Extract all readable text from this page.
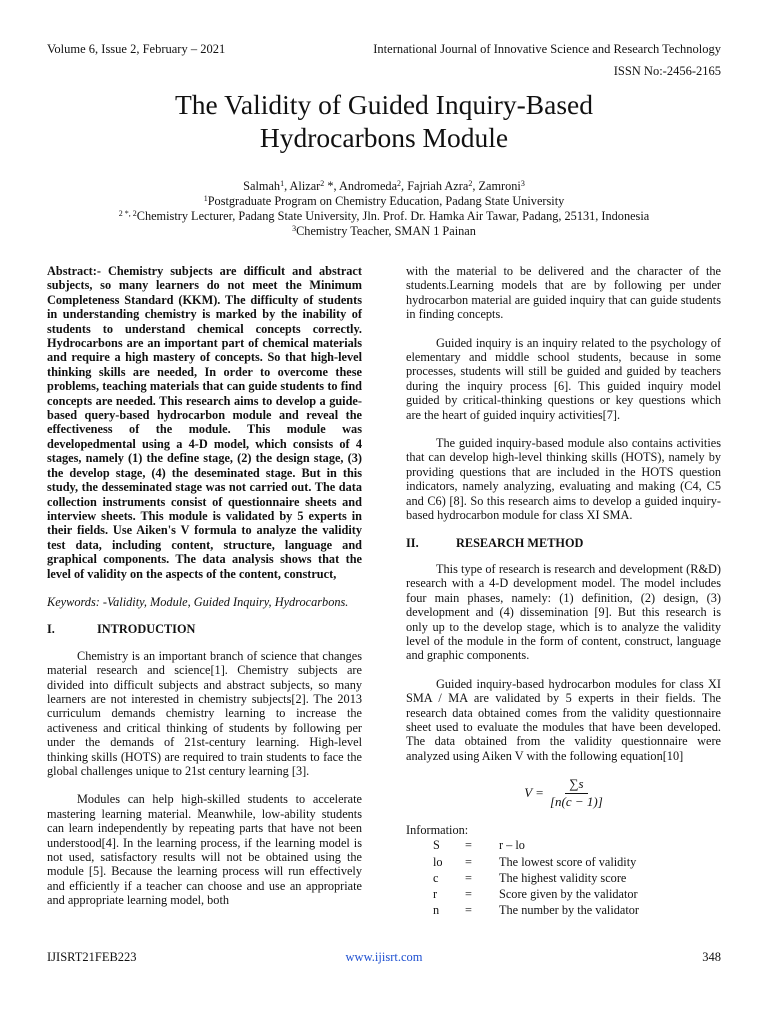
Volume 6, Issue 2, February – 2021	International Journal of Innovative Science and Research Technology
ISSN No:-2456-2165
The Validity of Guided Inquiry-Based Hydrocarbons Module
Salmah$^1$, Alizar$^2$ *, Andromeda$^2$, Fajriah Azra$^2$, Zamroni$^3$
$^1$Postgraduate Program on Chemistry Education, Padang State University
$^{2 *, 2}$Chemistry Lecturer, Padang State University, Jln. Prof. Dr. Hamka Air Tawar, Padang, 25131, Indonesia
$^3$Chemistry Teacher, SMAN 1 Painan

Abstract:- Chemistry subjects are difficult and abstract subjects, so many learners do not meet the Minimum Completeness Standard (KKM). The difficulty of students in understanding chemistry is marked by the inability of students to understand chemical concepts correctly. Hydrocarbons are an important part of chemical materials and require a high mastery of concepts. So that high-level thinking skills are needed, In order to overcome these problems, teaching materials that can guide students to find concepts are needed. This research aims to develop a guide-based query-based hydrocarbon module and reveal the effectiveness of the module. This module was developedmental using a 4-D model, which consists of 4 stages, namely (1) the define stage, (2) the design stage, (3) the develop stage, (4) the deseminated stage. But in this study, the desseminated stage was not carried out. The data collection instruments consist of questionnaire sheets and interview sheets. This module is validated by 5 experts in their fields. Use Aiken's V formula to analyze the validity test data, including content, structure, language and graphical components. The data analysis shows that the level of validity on the aspects of the content, construct,

Keywords: -Validity, Module, Guided Inquiry, Hydrocarbons.

I.	INTRODUCTION

Chemistry is an important branch of science that changes material research and science[1]. Chemistry subjects are divided into difficult subjects and abstract subjects, so many learners are not interested in chemistry subjects[2]. The 2013 curriculum demands chemistry learning to increase the activeness and critical thinking of students by following per under the demands of 21st-century learning. High-level thinking skills (HOTS) are required to train students to face the global challenges unique to 21st century learning [3].

Modules can help high-skilled students to accelerate mastering learning material. Meanwhile, low-ability students can learn independently by repeating parts that have not been understood[4]. In the learning process, if the learning model is not used, satisfactory results will not be obtained using the module [5]. Because the learning process will run effectively and efficiently if a teacher can choose and use an appropriate and appropriate learning model, both

with the material to be delivered and the character of the students.Learning models that are by following per under hydrocarbon material are guided inquiry that can guide students in finding concepts.

Guided inquiry is an inquiry related to the psychology of elementary and middle school students, because in some processes, students will still be guided and guided by teachers during the inquiry process [6]. This guided inquiry model guided by critical-thinking questions or key questions which are the heart of guided inquiry activities[7].

The guided inquiry-based module also contains activities that can develop high-level thinking skills (HOTS), namely by providing questions that are included in the HOTS question indicators, namely analyzing, evaluating and making (C4, C5 and C6) [8]. So this research aims to develop a guided inquiry-based hydrocarbon module for class XI SMA.

II.	RESEARCH METHOD

This type of research is research and development (R&D) research with a 4-D development model. The model includes four main phases, namely: (1) definition, (2) design, (3) development and (4) dissemination [9]. But this research is only up to the develop stage, which is to analyze the validity level of the module in the form of content, construct, language and graphic components.

Guided inquiry-based hydrocarbon modules for class XI SMA / MA are validated by 5 experts in their fields. The research data obtained comes from the validity questionnaire sheet used to evaluate the modules that have been developed. The data obtained from the validity questionnaire were analyzed using Aiken V with the following equation[10]

$V = \frac{\sum s}{[n(c - 1)]}$

Information:

S	=	r – lo
lo	=	The lowest score of validity
c	=	The highest validity score
r	=	Score given by the validator
n	=	The number by the validator
IJISRT21FEB223	www.ijisrt.com	348
